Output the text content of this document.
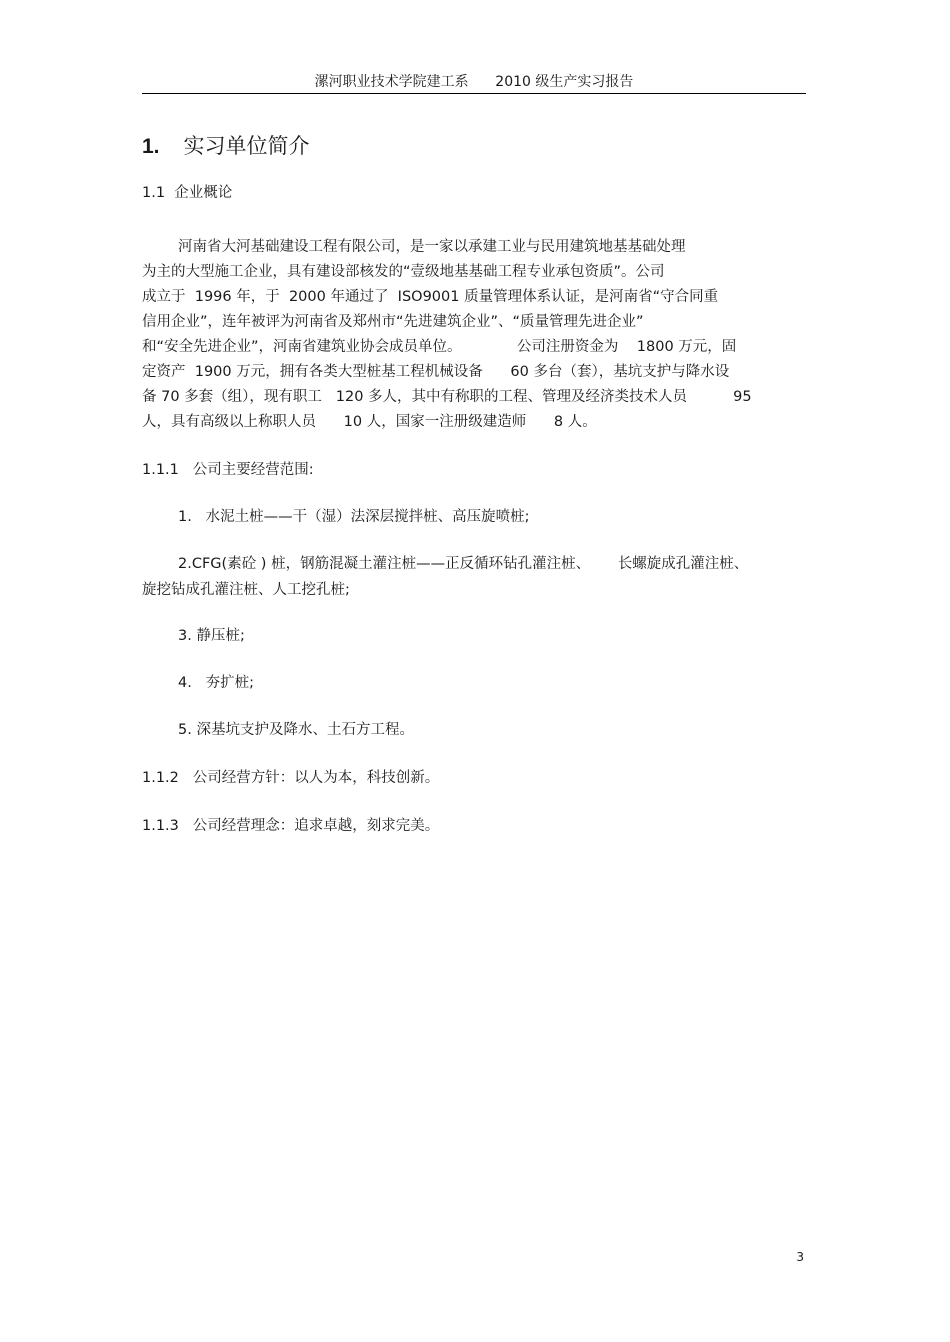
漯河职业技术学院建工系      2010 级生产实习报告
1. 实习单位简介
1.1  企业概论
河南省大河基础建设工程有限公司，是一家以承建工业与民用建筑地基基础处理
为主的大型施工企业，具有建设部核发的“壹级地基基础工程专业承包资质”。公司
成立于  1996 年，于  2000 年通过了  ISO9001 质量管理体系认证，是河南省“守合同重
信用企业”，连年被评为河南省及郑州市“先进建筑企业”、“质量管理先进企业”
和“安全先进企业”，河南省建筑业协会成员单位。            公司注册资金为    1800 万元，固
定资产  1900 万元，拥有各类大型桩基工程机械设备      60 多台（套），基坑支护与降水设
备 70 多套（组），现有职工   120 多人，其中有称职的工程、管理及经济类技术人员          95
人，具有高级以上称职人员      10 人，国家一注册级建造师      8 人。
1.1.1   公司主要经营范围:
1.   水泥土桩——干（湿）法深层搅拌桩、高压旋喷桩;
2.CFG(素砼 ) 桩，钢筋混凝土灌注桩——正反循环钻孔灌注桩、      长螺旋成孔灌注桩、
旋挖钻成孔灌注桩、人工挖孔桩;
3. 静压桩;
4.   夯扩桩;
5. 深基坑支护及降水、土石方工程。
1.1.2   公司经营方针：以人为本，科技创新。
1.1.3   公司经营理念：追求卓越，刻求完美。
3
